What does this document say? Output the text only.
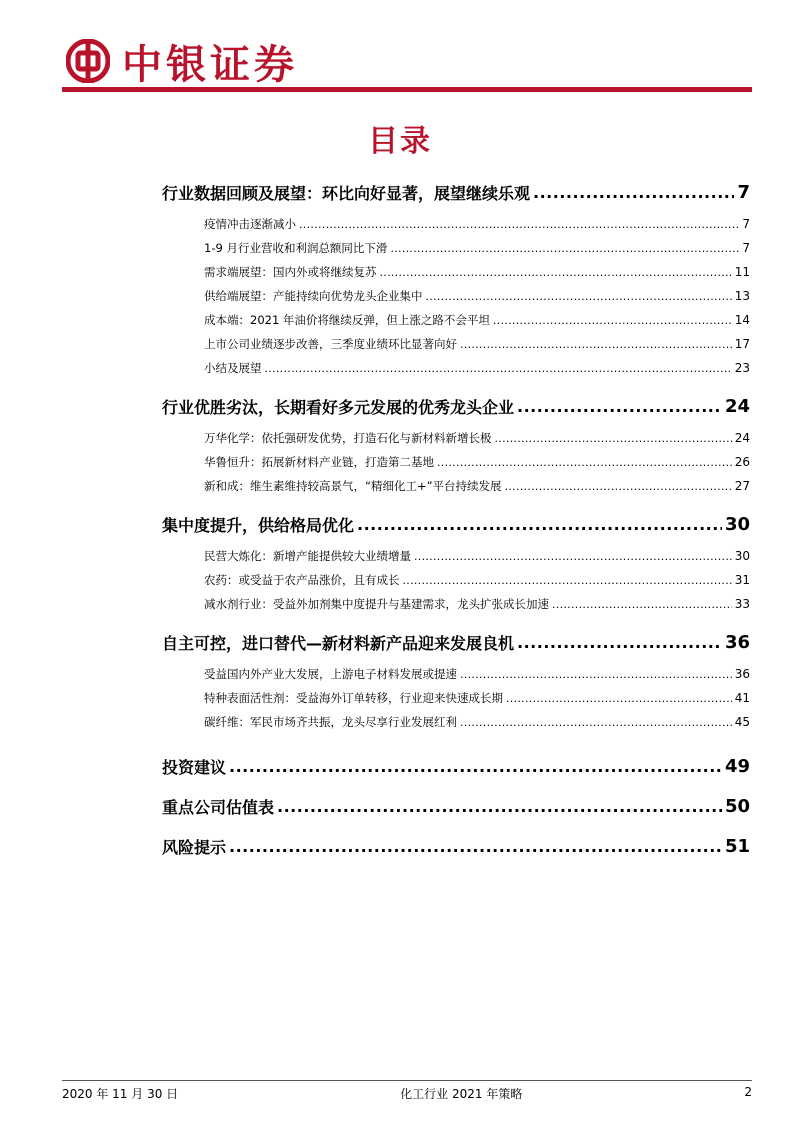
中银证券
目录
行业数据回顾及展望：环比向好显著，展望继续乐观 .....	7
疫情冲击逐渐减小 .....	7
1-9 月行业营收和利润总额同比下滑 .....	7
需求端展望：国内外或将继续复苏 .....	11
供给端展望：产能持续向优势龙头企业集中 .....	13
成本端：2021 年油价将继续反弹，但上涨之路不会平坦 .....	14
上市公司业绩逐步改善，三季度业绩环比显著向好 .....	17
小结及展望 .....	23
行业优胜劣汰，长期看好多元发展的优秀龙头企业 .....	24
万华化学：依托强研发优势，打造石化与新材料新增长极 .....	24
华鲁恒升：拓展新材料产业链，打造第二基地 .....	26
新和成：维生素维持较高景气，“精细化工+”平台持续发展 .....	27
集中度提升，供给格局优化 .....	30
民营大炼化：新增产能提供较大业绩增量 .....	30
农药：或受益于农产品涨价，且有成长 .....	31
减水剂行业：受益外加剂集中度提升与基建需求，龙头扩张成长加速 .....	33
自主可控，进口替代—新材料新产品迎来发展良机 .....	36
受益国内外产业大发展，上游电子材料发展或提速 .....	36
特种表面活性剂：受益海外订单转移，行业迎来快速成长期 .....	41
碳纤维：军民市场齐共振，龙头尽享行业发展红利 .....	45
投资建议 .....	49
重点公司估值表 .....	50
风险提示 .....	51
2020 年 11 月 30 日	化工行业 2021 年策略	2
